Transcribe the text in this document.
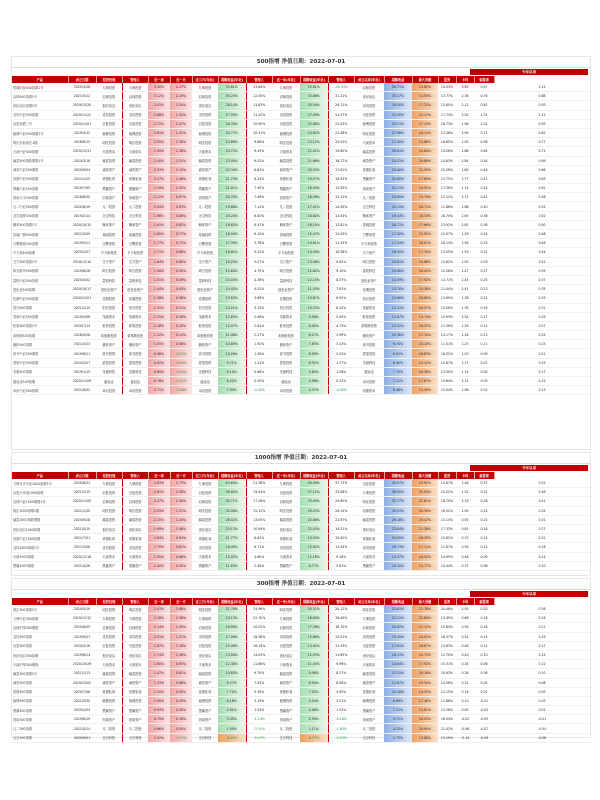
500指增 净值日期：2022-07-01
今年以来
产品	成立日期	投资经理	管理人	近一周	近一月	近三月(年化)	超额收益(年化)	管理人	近一年(年化)	超额收益(年化)	管理人	成立以来(年化)	超额收益	最大回撤	夏普	卡玛	索提诺	
思源阳泉500指增1号	2020/4/28	九坤投资	九坤投资	3.32%	2.27%	九坤投资	33.61%	13.64%	九坤投资	55.61%	-45.03%	启林投资	56.71%	14.65%	14.03%	3.65	0.97	1.21
启林500指增1号	2021/5/12	启林投资	启林投资	3.12%	2.19%	启林投资	30.20%	12.55%	启林投资	33.66%	31.21%	世纪前沿	35.17%	14.55%	13.77%	2.36	0.76	0.88
世纪前沿指增5号	2019/12/20	世纪前沿	世纪前沿	3.01%	1.54%	世纪前沿	28.14%	11.83%	世纪前沿	30.50%	26.12%	灵均投资	34.50%	17.25%	12.60%	2.12	0.81	0.93
灵均中证500指增	2019/11/22	灵均投资	灵均投资	2.88%	1.52%	灵均投资	27.59%	11.22%	灵均投资	27.09%	24.37%	衍复投资	32.20%	21.17%	17.74%	2.02	1.31	1.12
衍复指增三号	2019/11/01	衍复投资	衍复投资	2.72%	1.47%	衍复投资	26.33%	10.90%	衍复投资	25.88%	22.03%	稳博投资	33.11%	27.13%	16.73%	1.98	1.02	0.95
稳博中证500指增1号	2019/4/12	稳博投资	稳博投资	2.61%	1.41%	稳博投资	25.77%	10.31%	稳博投资	24.82%	21.48%	明汯投资	27.98%	16.13%	13.38%	1.95	0.71	0.82
明汯价值成长1期	2018/6/15	明汯投资	明汯投资	2.55%	1.36%	明汯投资	24.89%	9.88%	明汯投资	23.12%	20.52%	天演资本	27.40%	15.86%	18.85%	1.92	0.58	0.77
天演中证500指增	2019/12/31	天演资本	天演资本	2.49%	1.28%	天演资本	23.72%	9.43%	天演资本	22.41%	19.60%	赫富投资	26.04%	19.84%	19.26%	1.88	0.62	0.71
赫富500指数增强1号	2020/3/18	赫富投资	赫富投资	2.40%	1.21%	赫富投资	23.05%	9.02%	赫富投资	21.66%	18.77%	诚奇资产	24.31%	16.89%	14.63%	1.84	0.54	0.69
诚奇中证500增强	2020/9/04	诚奇资产	诚奇资产	2.33%	1.15%	诚奇资产	22.34%	8.61%	诚奇资产	20.25%	17.81%	宽德私募	23.40%	21.05%	15.28%	1.80	0.49	0.66
宽德中证500指增	2021/1/25	宽德私募	宽德私募	2.27%	1.08%	宽德私募	21.74%	8.23%	宽德私募	19.57%	16.93%	黑翼资产	22.60%	17.89%	13.75%	1.77	0.47	0.63
黑翼中证500指增	2019/7/05	黑翼资产	黑翼资产	2.19%	1.02%	黑翼资产	21.01%	7.90%	黑翼资产	18.94%	15.95%	因诺资产	21.71%	19.52%	17.36%	1.74	0.44	0.61
因诺天丰500指增	2018/8/30	因诺资产	因诺资产	2.12%	0.97%	因诺资产	20.33%	7.48%	因诺资产	18.08%	15.12%	凡二投资	20.90%	15.79%	12.12%	1.71	0.42	0.58
凡二中证500指增	2020/6/19	凡二投资	凡二投资	2.04%	0.93%	凡二投资	19.88%	7.14%	凡二投资	17.41%	14.30%	念空科技	20.15%	16.71%	11.86%	1.68	0.40	0.55
念空瑞景500指增	2019/2/14	念空科技	念空科技	1.98%	0.88%	念空科技	19.20%	6.82%	念空科技	16.82%	13.54%	概率资产	19.43%	18.33%	16.70%	1.65	0.38	0.52
概率500指增1号	2020/10/15	概率资产	概率资产	1.91%	0.82%	概率资产	18.62%	6.47%	概率资产	16.10%	12.81%	星阔投资	18.71%	17.66%	13.92%	1.62	0.36	0.50
星阔广厦500指增	2021/3/09	星阔投资	星阔投资	1.85%	0.77%	星阔投资	18.04%	6.10%	星阔投资	15.47%	12.05%	白鹭资管	17.92%	15.92%	12.57%	1.59	0.34	0.48
白鹭精选500指增	2019/5/21	白鹭资管	白鹭资管	1.77%	0.71%	白鹭资管	17.39%	5.78%	白鹭资管	14.81%	11.29%	平方和投资	17.24%	18.01%	16.14%	1.56	0.33	0.46
平方和500指增	2020/1/07	平方和投资	平方和投资	1.71%	0.66%	平方和投资	16.81%	5.41%	平方和投资	14.09%	10.58%	艾方资产	16.50%	17.34%	13.05%	1.53	0.31	0.44
艾方500指增1号	2018/12/10	艾方资产	艾方资产	1.64%	0.60%	艾方资产	16.25%	5.07%	艾方资产	13.46%	9.82%	鸣石投资	15.81%	19.68%	15.82%	1.50	0.29	0.41
鸣石傲华500指增	2019/8/26	鸣石投资	鸣石投资	1.58%	0.55%	鸣石投资	15.60%	4.75%	鸣石投资	12.82%	9.10%	量锐科技	15.06%	16.45%	12.28%	1.47	0.27	0.39
量锐中证500指增	2020/4/02	量锐科技	量锐科技	1.51%	0.49%	量锐科技	15.03%	4.38%	量锐科技	12.15%	8.37%	进化论资产	14.39%	17.92%	14.71%	1.44	0.25	0.37
进化论500指增	2019/10/17	进化论资产	进化论资产	1.44%	0.43%	进化论资产	14.42%	4.02%	进化论资产	11.53%	7.61%	佳期投资	13.70%	15.38%	11.44%	1.41	0.23	0.35
佳期中证500指增	2020/12/01	佳期投资	佳期投资	1.38%	0.38%	佳期投资	13.83%	3.69%	佳期投资	10.87%	6.92%	伯兄投资	12.96%	16.80%	13.60%	1.38	0.21	0.33
伯兄500指增	2021/2/19	伯兄投资	伯兄投资	1.31%	0.31%	伯兄投资	13.21%	3.33%	伯兄投资	10.20%	6.20%	茂源资本	12.31%	18.57%	15.06%	1.35	0.19	0.31
茂源中证500指增	2019/3/06	茂源资本	茂源资本	1.25%	0.26%	茂源资本	12.65%	2.98%	茂源资本	9.58%	5.45%	乾象投资	11.67%	14.74%	10.93%	1.32	0.17	0.29
乾象500指增1号	2020/7/14	乾象投资	乾象投资	1.18%	0.20%	乾象投资	12.07%	2.61%	乾象投资	8.92%	4.73%	希格斯投资	11.02%	16.22%	12.39%	1.29	0.15	0.27
希格斯500指增	2018/9/28	希格斯投资	希格斯投资	1.12%	0.14%	希格斯投资	11.46%	2.27%	希格斯投资	8.27%	3.99%	磐松资产	10.38%	17.10%	14.17%	1.26	0.13	0.25
磐松500指增	2021/4/23	磐松资产	磐松资产	1.05%	0.08%	磐松资产	10.89%	1.92%	磐松资产	7.63%	3.24%	洛书投资	9.74%	15.15%	11.51%	1.23	0.11	0.23
洛书中证500增强	2019/6/11	洛书投资	洛书投资	0.98%	-0.03%	洛书投资	10.28%	1.56%	洛书投资	6.95%	2.52%	蒙玺投资	9.02%	18.83%	16.52%	1.20	0.09	0.21
蒙玺中证500指增	2020/2/27	蒙玺投资	蒙玺投资	0.92%	-0.09%	蒙玺投资	9.71%	1.21%	蒙玺投资	6.31%	1.77%	龙旗科技	8.40%	14.12%	10.67%	1.17	0.07	0.19
龙旗500指增	2019/1/15	龙旗科技	龙旗科技	0.85%	-0.15%	龙旗科技	9.10%	0.86%	龙旗科技	5.62%	1.06%	盛冠达	7.75%	16.58%	13.30%	1.14	0.05	0.17
盛冠达500指增	2020/11/09	盛冠达	盛冠达	0.78%	-0.21%	盛冠达	8.52%	0.50%	盛冠达	4.98%	0.31%	卓识投资	7.11%	17.87%	15.64%	1.11	0.03	0.15
卓识中证500指增	2021/6/02	卓识投资	卓识投资	0.71%	-0.28%	卓识投资	7.94%	-0.42%	卓识投资	4.37%	-0.45%	恒德资本	6.48%	15.49%	12.04%	1.08	0.01	0.13
1000指增 净值日期：2022-07-01
今年以来
产品	成立日期	投资经理	管理人	近一周	近一月	近三月(年化)	超额收益(年化)	管理人	近一年(年化)	超额收益(年化)	管理人	成立以来(年化)	超额收益	最大回撤	夏普	卡玛	索提诺	
九坤日享中证1000指增1号	2020/8/21	九坤投资	九坤投资	2.83%	1.73%	九坤投资	43.64%	21.38%	九坤投资	40.56%	37.73%	衍复投资	40.57%	23.92%	14.67%	1.48	0.37	0.52
衍复小市值1000指增	2021/3/15	衍复投资	衍复投资	2.61%	1.58%	衍复投资	39.82%	19.44%	衍复投资	37.12%	33.08%	九坤投资	38.90%	25.04%	15.22%	1.32	0.31	0.46
启林中证1000增强1号	2020/11/05	启林投资	启林投资	2.47%	1.44%	启林投资	35.71%	17.26%	启林投资	33.40%	29.80%	明汯投资	32.77%	22.61%	18.70%	1.19	0.28	0.41
明汯1000指增1期	2021/1/20	明汯投资	明汯投资	2.29%	1.31%	明汯投资	32.08%	15.12%	明汯投资	29.25%	26.14%	启林投资	30.23%	20.39%	16.52%	1.05	0.24	0.35
赫富1000指数增强	2020/9/28	赫富投资	赫富投资	2.15%	1.20%	赫富投资	28.52%	13.05%	赫富投资	25.86%	22.67%	赫富投资	26.18%	19.47%	13.15%	0.92	0.21	0.31
世纪前沿1000指增	2021/5/10	世纪前沿	世纪前沿	1.99%	1.06%	世纪前沿	25.13%	10.94%	世纪前沿	22.45%	19.31%	世纪前沿	23.84%	21.28%	17.33%	0.81	0.18	0.27
宽德中证1000指增	2021/7/01	宽德私募	宽德私募	1.84%	0.94%	宽德私募	21.77%	8.82%	宽德私募	19.03%	15.92%	宽德私募	20.05%	18.35%	12.82%	0.70	0.15	0.22
灵均1000指增1号	2021/2/08	灵均投资	灵均投资	1.70%	0.81%	灵均投资	18.40%	6.71%	灵均投资	15.62%	12.54%	灵均投资	16.73%	17.11%	11.67%	0.59	0.12	0.18
天演1000指增	2020/12/18	天演资本	天演资本	1.55%	0.68%	天演资本	15.02%	4.60%	天演资本	12.18%	9.16%	天演资本	13.37%	16.42%	14.95%	0.48	0.09	0.14
黑翼1000指增	2021/4/26	黑翼资产	黑翼资产	1.40%	0.55%	黑翼资产	11.63%	2.49%	黑翼资产	8.77%	5.81%	黑翼资产	10.10%	15.77%	10.44%	0.37	0.06	0.10
300指增 净值日期：2022-07-01
今年以来
产品	成立日期	投资经理	管理人	近一周	近一月	近三月(年化)	超额收益(年化)	管理人	近一年(年化)	超额收益(年化)	管理人	成立以来(年化)	超额收益	最大回撤	夏普	卡玛	索提诺	
明汯300指增1号	2020/5/19	明汯投资	明汯投资	2.41%	1.68%	明汯投资	21.78%	24.96%	明汯投资	20.31%	20.12%	明汯投资	23.61%	21.78%	20.46%	1.50	0.20	0.26
九坤中证300指增	2019/11/12	九坤投资	九坤投资	2.28%	1.56%	九坤投资	20.13%	22.70%	九坤投资	18.84%	18.40%	九坤投资	22.11%	22.84%	13.40%	0.66	0.18	0.24
启林沪深300增强	2020/8/05	启林投资	启林投资	2.14%	1.43%	启林投资	18.58%	20.52%	启林投资	17.36%	16.70%	启林投资	20.62%	21.12%	19.84%	0.59	0.16	0.21
灵均300指增	2019/9/27	灵均投资	灵均投资	2.01%	1.31%	灵均投资	17.06%	18.38%	灵均投资	15.88%	15.01%	灵均投资	19.10%	24.02%	16.47%	0.52	0.14	0.19
衍复300指增	2020/3/16	衍复投资	衍复投资	1.87%	1.18%	衍复投资	15.49%	16.19%	衍复投资	14.41%	13.33%	衍复投资	17.61%	18.67%	13.83%	0.46	0.12	0.17
世纪前沿300指增	2019/6/24	世纪前沿	世纪前沿	1.74%	1.06%	世纪前沿	13.94%	14.03%	世纪前沿	12.93%	11.65%	世纪前沿	16.13%	15.73%	12.70%	0.40	0.10	0.15
天演沪深300增强	2020/10/29	天演资本	天演资本	1.60%	0.93%	天演资本	12.38%	11.86%	天演资本	11.45%	9.96%	天演资本	14.64%	17.92%	15.31%	0.34	0.08	0.12
赫富300指增1号	2021/1/13	赫富投资	赫富投资	1.47%	0.81%	赫富投资	10.83%	9.70%	赫富投资	9.98%	8.27%	赫富投资	13.15%	16.16%	10.93%	0.28	0.06	0.10
诚奇300指增	2019/12/02	诚奇资产	诚奇资产	1.33%	0.68%	诚奇资产	9.27%	7.53%	诚奇资产	8.50%	6.58%	诚奇资产	11.67%	19.34%	14.58%	0.22	0.04	0.08
宽德300指增	2020/7/08	宽德私募	宽德私募	1.20%	0.55%	宽德私募	7.72%	5.36%	宽德私募	7.02%	4.90%	宽德私募	10.18%	14.25%	12.15%	0.16	0.02	0.05
稳博300指增	2021/3/30	稳博投资	稳博投资	1.06%	0.43%	稳博投资	6.16%	3.19%	稳博投资	5.54%	3.21%	稳博投资	8.69%	17.46%	11.86%	0.10	-0.01	0.03
黑翼300指增	2020/2/04	黑翼资产	黑翼资产	0.93%	0.30%	黑翼资产	4.61%	1.03%	黑翼资产	4.06%	1.52%	黑翼资产	7.21%	15.61%	13.28%	0.04	-0.03	0.01
因诺300指增	2019/8/19	因诺资产	因诺资产	0.79%	0.18%	因诺资产	3.05%	-1.14%	因诺资产	2.59%	-0.16%	因诺资产	5.72%	18.03%	16.04%	-0.02	-0.05	-0.01
凡二300指增	2021/5/24	凡二投资	凡二投资	0.66%	0.05%	凡二投资	1.50%	-3.31%	凡二投资	1.11%	-1.85%	凡二投资	4.23%	16.94%	12.42%	-0.08	-0.07	-0.04
念空300指增	2020/9/01	念空科技	念空科技	0.52%	-0.07%	念空科技	-0.06%	-5.47%	念空科技	-0.37%	-3.53%	念空科技	2.75%	13.88%	10.19%	-0.14	-0.09	-0.06
